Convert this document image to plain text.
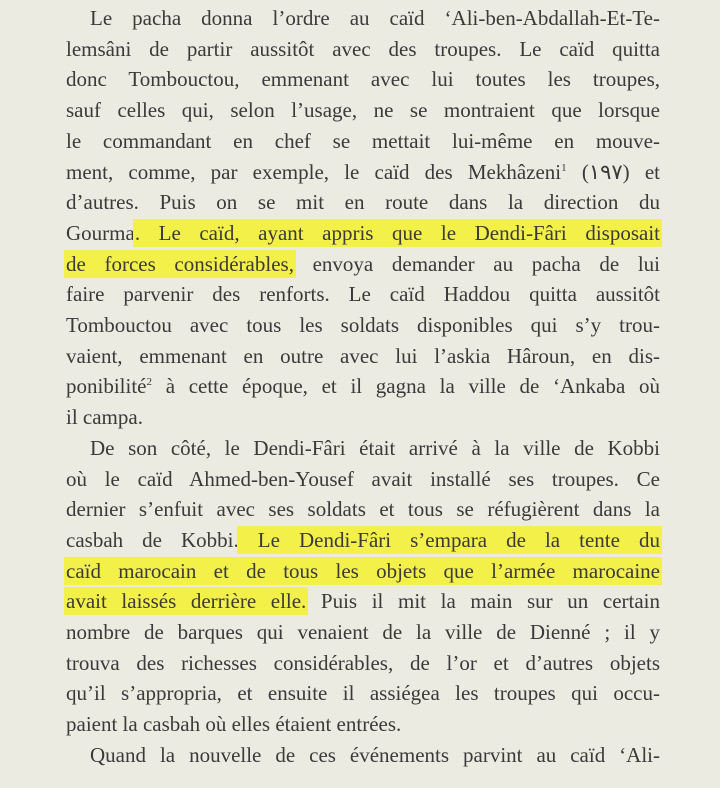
Le pacha donna l’ordre au caïd ‘Ali-ben-Abdallah-Et-Te-
lemsâni de partir aussitôt avec des troupes. Le caïd quitta
donc Tombouctou, emmenant avec lui toutes les troupes,
sauf celles qui, selon l’usage, ne se montraient que lorsque
le commandant en chef se mettait lui-même en mouve-
ment, comme, par exemple, le caïd des Mekhâzeni$^1$ (١٩٧) et
d’autres. Puis on se mit en route dans la direction du
Gourma. Le caïd, ayant appris que le Dendi-Fâri disposait
de forces considérables, envoya demander au pacha de lui
faire parvenir des renforts. Le caïd Haddou quitta aussitôt
Tombouctou avec tous les soldats disponibles qui s’y trou-
vaient, emmenant en outre avec lui l’askia Hâroun, en dis-
ponibilité$^2$ à cette époque, et il gagna la ville de ‘Ankaba où
il campa.
De son côté, le Dendi-Fâri était arrivé à la ville de Kobbi
où le caïd Ahmed-ben-Yousef avait installé ses troupes. Ce
dernier s’enfuit avec ses soldats et tous se réfugièrent dans la
casbah de Kobbi. Le Dendi-Fâri s’empara de la tente du
caïd marocain et de tous les objets que l’armée marocaine
avait laissés derrière elle. Puis il mit la main sur un certain
nombre de barques qui venaient de la ville de Dienné ; il y
trouva des richesses considérables, de l’or et d’autres objets
qu’il s’appropria, et ensuite il assiégea les troupes qui occu-
paient la casbah où elles étaient entrées.
Quand la nouvelle de ces événements parvint au caïd ‘Ali-
